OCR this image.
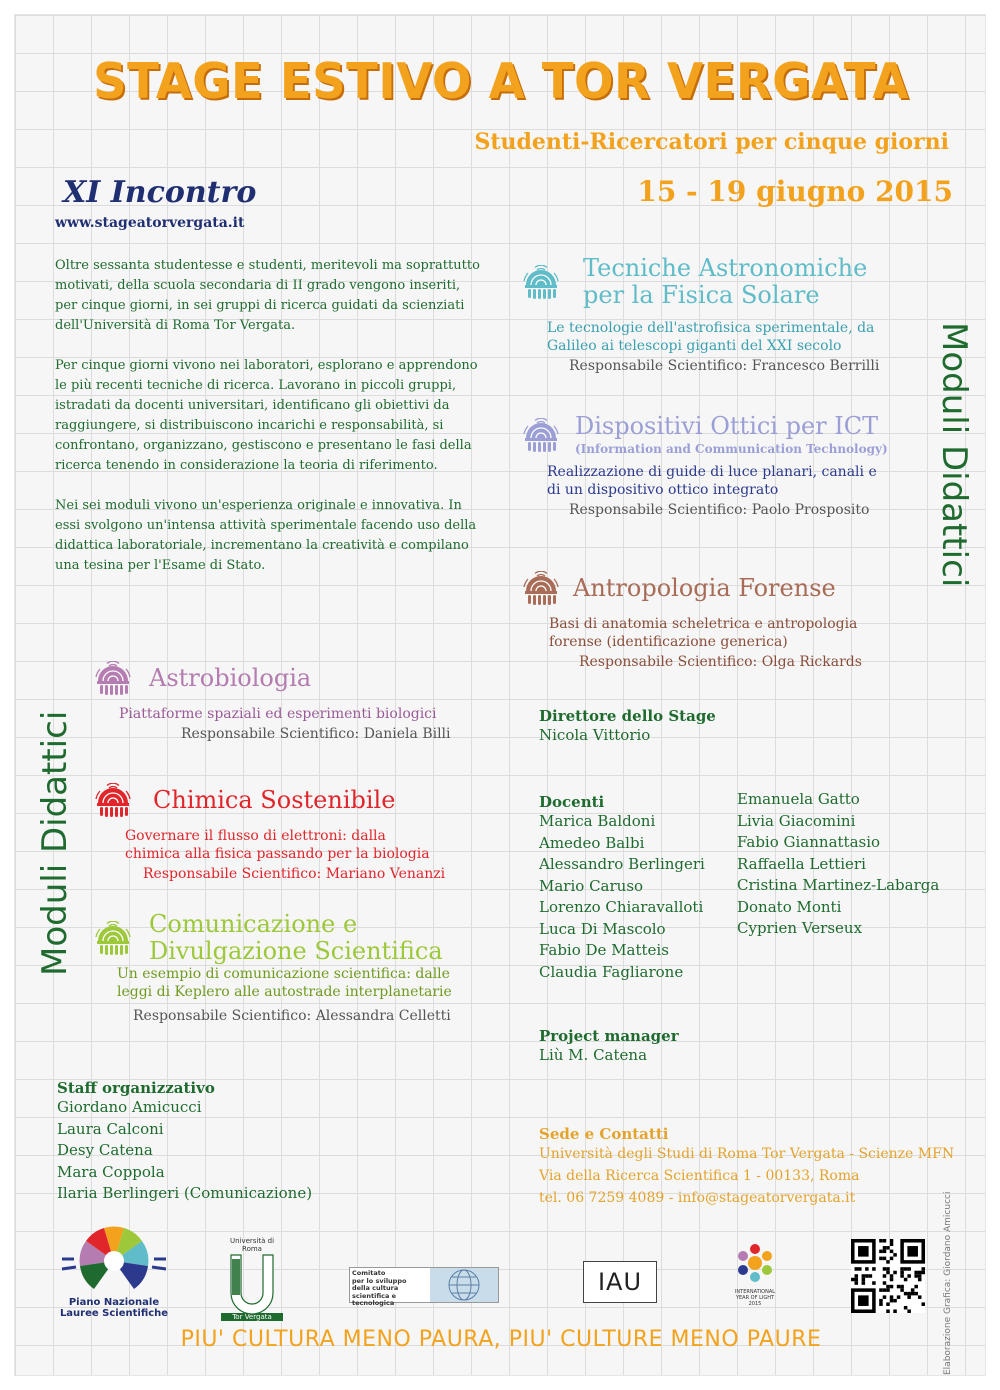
STAGE ESTIVO A TOR VERGATA
Studenti-Ricercatori per cinque giorni
XI Incontro
www.stageatorvergata.it
15 - 19 giugno 2015

Oltre sessanta studentesse e studenti, meritevoli ma soprattutto motivati, della scuola secondaria di II grado vengono inseriti, per cinque giorni, in sei gruppi di ricerca guidati da scienziati dell'Università di Roma Tor Vergata.

Per cinque giorni vivono nei laboratori, esplorano e apprendono le più recenti tecniche di ricerca. Lavorano in piccoli gruppi, istradati da docenti universitari, identificano gli obiettivi da raggiungere, si distribuiscono incarichi e responsabilità, si confrontano, organizzano, gestiscono e presentano le fasi della ricerca tenendo in considerazione la teoria di riferimento.

Nei sei moduli vivono un'esperienza originale e innovativa. In essi svolgono un'intensa attività sperimentale facendo uso della didattica laboratoriale, incrementano la creatività e compilano una tesina per l'Esame di Stato.

Tecniche Astronomiche
per la Fisica Solare
Le tecnologie dell'astrofisica sperimentale, da
Galileo ai telescopi giganti del XXI secolo
Responsabile Scientifico: Francesco Berrilli
Dispositivi Ottici per ICT
(Information and Communication Technology)
Realizzazione di guide di luce planari, canali e
di un dispositivo ottico integrato
Responsabile Scientifico: Paolo Prosposito
Antropologia Forense
Basi di anatomia scheletrica e antropologia
forense (identificazione generica)
Responsabile Scientifico: Olga Rickards
Astrobiologia
Piattaforme spaziali ed esperimenti biologici
Responsabile Scientifico: Daniela Billi
Chimica Sostenibile
Governare il flusso di elettroni: dalla
chimica alla fisica passando per la biologia
Responsabile Scientifico: Mariano Venanzi
Comunicazione e
Divulgazione Scientifica
Un esempio di comunicazione scientifica: dalle
leggi di Keplero alle autostrade interplanetarie
Responsabile Scientifico: Alessandra Celletti
Moduli Didattici
Moduli Didattici	Direttore dello Stage
Nicola Vittorio
Docenti
Marica Baldoni
Amedeo Balbi
Alessandro Berlingeri
Mario Caruso
Lorenzo Chiaravalloti
Luca Di Mascolo
Fabio De Matteis
Claudia Fagliarone
Emanuela Gatto
Livia Giacomini
Fabio Giannattasio
Raffaella Lettieri
Cristina Martinez-Labarga
Donato Monti
Cyprien Verseux
Project manager
Liù M. Catena
Staff organizzativo
Giordano Amicucci
Laura Calconi
Desy Catena
Mara Coppola
Ilaria Berlingeri (Comunicazione)
Sede e Contatti
Università degli Studi di Roma Tor Vergata - Scienze MFN
Via della Ricerca Scientifica 1 - 00133, Roma
tel. 06 7259 4089 - info@stageatorvergata.it
Piano Nazionale
Lauree Scientifiche
Università di Roma
Tor Vergata
Comitato
per lo sviluppo
della cultura
scientifica e tecnologica
IAU	INTERNATIONAL
YEAR OF LIGHT
2015	Elaborazione Grafica: Giordano Amicucci
PIU' CULTURA MENO PAURA, PIU' CULTURE MENO PAURE
